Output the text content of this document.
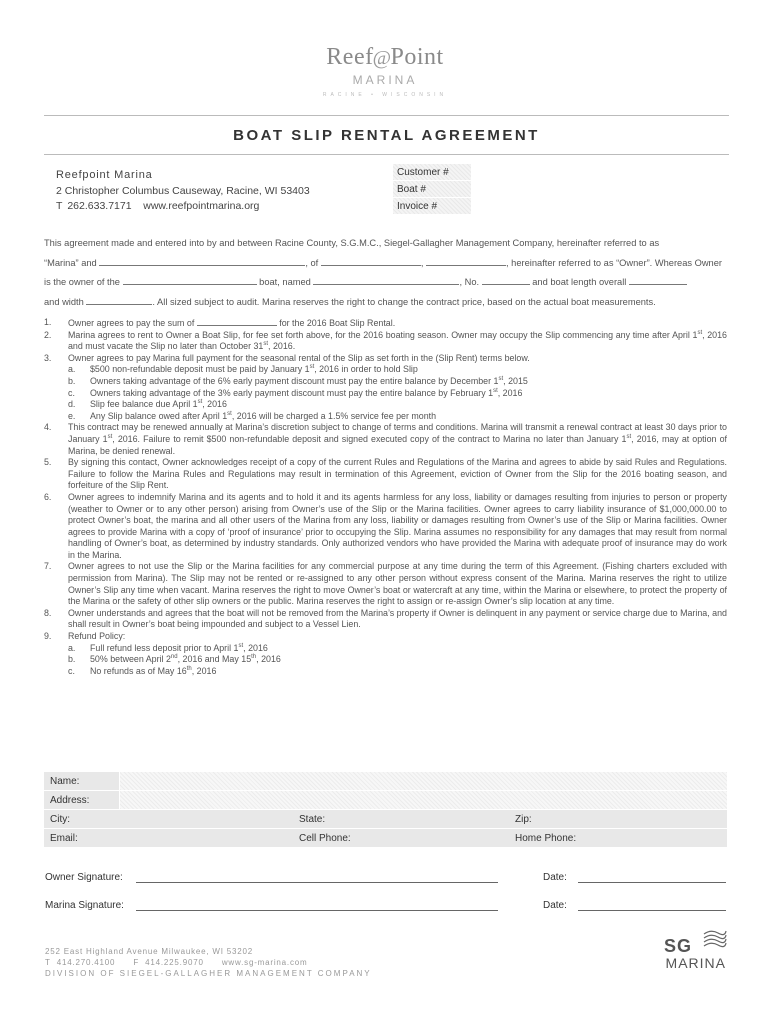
Reef@Point
MARINA
RACINE • WISCONSIN
BOAT SLIP RENTAL AGREEMENT
Reefpoint Marina
2 Christopher Columbus Causeway, Racine, WI 53403
T 262.633.7171 www.reefpointmarina.org
Customer #
Boat #
Invoice #
This agreement made and entered into by and between Racine County, S.G.M.C., Siegel-Gallagher Management Company, hereinafter referred to as
“Marina” and	, of	,	, hereinafter referred to as “Owner”. Whereas Owner
is the owner of the	boat, named	, No.	and boat length overall
and width	. All sized subject to audit. Marina reserves the right to change the contract price, based on the actual boat measurements.
1. Owner agrees to pay the sum of	for the 2016 Boat Slip Rental.
2. Marina agrees to rent to Owner a Boat Slip, for fee set forth above, for the 2016 boating season. Owner may occupy the Slip commencing any time after April 1st, 2016 and must vacate the Slip no later than October 31st, 2016.
3. Owner agrees to pay Marina full payment for the seasonal rental of the Slip as set forth in the (Slip Rent) terms below.
a. $500 non-refundable deposit must be paid by January 1st, 2016 in order to hold Slip
b. Owners taking advantage of the 6% early payment discount must pay the entire balance by December 1st, 2015
c. Owners taking advantage of the 3% early payment discount must pay the entire balance by February 1st, 2016
d. Slip fee balance due April 1st, 2016
e. Any Slip balance owed after April 1st, 2016 will be charged a 1.5% service fee per month
4. This contract may be renewed annually at Marina’s discretion subject to change of terms and conditions. Marina will transmit a renewal contract at least 30 days prior to January 1st, 2016. Failure to remit $500 non-refundable deposit and signed executed copy of the contract to Marina no later than January 1st, 2016, may at option of Marina, be denied renewal.
5. By signing this contact, Owner acknowledges receipt of a copy of the current Rules and Regulations of the Marina and agrees to abide by said Rules and Regulations. Failure to follow the Marina Rules and Regulations may result in termination of this Agreement, eviction of Owner from the Slip for the 2016 boating season, and forfeiture of the Slip Rent.
6. Owner agrees to indemnify Marina and its agents and to hold it and its agents harmless for any loss, liability or damages resulting from injuries to person or property (weather to Owner or to any other person) arising from Owner’s use of the Slip or the Marina facilities. Owner agrees to carry liability insurance of $1,000,000.00 to protect Owner’s boat, the marina and all other users of the Marina from any loss, liability or damages resulting from Owner’s use of the Slip or Marina facilities. Owner agrees to provide Marina with a copy of ‘proof of insurance’ prior to occupying the Slip. Marina assumes no responsibility for any damages that may result from normal handling of Owner’s boat, as determined by industry standards. Only authorized vendors who have provided the Marina with adequate proof of insurance may do work in the Marina.
7. Owner agrees to not use the Slip or the Marina facilities for any commercial purpose at any time during the term of this Agreement. (Fishing charters excluded with permission from Marina). The Slip may not be rented or re-assigned to any other person without express consent of the Marina. Marina reserves the right to utilize Owner’s Slip any time when vacant. Marina reserves the right to move Owner’s boat or watercraft at any time, within the Marina or elsewhere, to protect the property of the Marina or the safety of other slip owners or the public. Marina reserves the right to assign or re-assign Owner’s slip location at any time.
8. Owner understands and agrees that the boat will not be removed from the Marina’s property if Owner is delinquent in any payment or service charge due to Marina, and shall result in Owner’s boat being impounded and subject to a Vessel Lien.
9. Refund Policy:
a. Full refund less deposit prior to April 1st, 2016
b. 50% between April 2nd, 2016 and May 15th, 2016
c. No refunds as of May 16th, 2016
Name:
Address:
City:	State:	Zip:
Email:	Cell Phone:	Home Phone:
Owner Signature:	Date:
Marina Signature:	Date:
252 East Highland Avenue Milwaukee, WI 53202
T 414.270.4100 F 414.225.9070 www.sg-marina.com
DIVISION OF SIEGEL-GALLAGHER MANAGEMENT COMPANY
SG
MARINA
